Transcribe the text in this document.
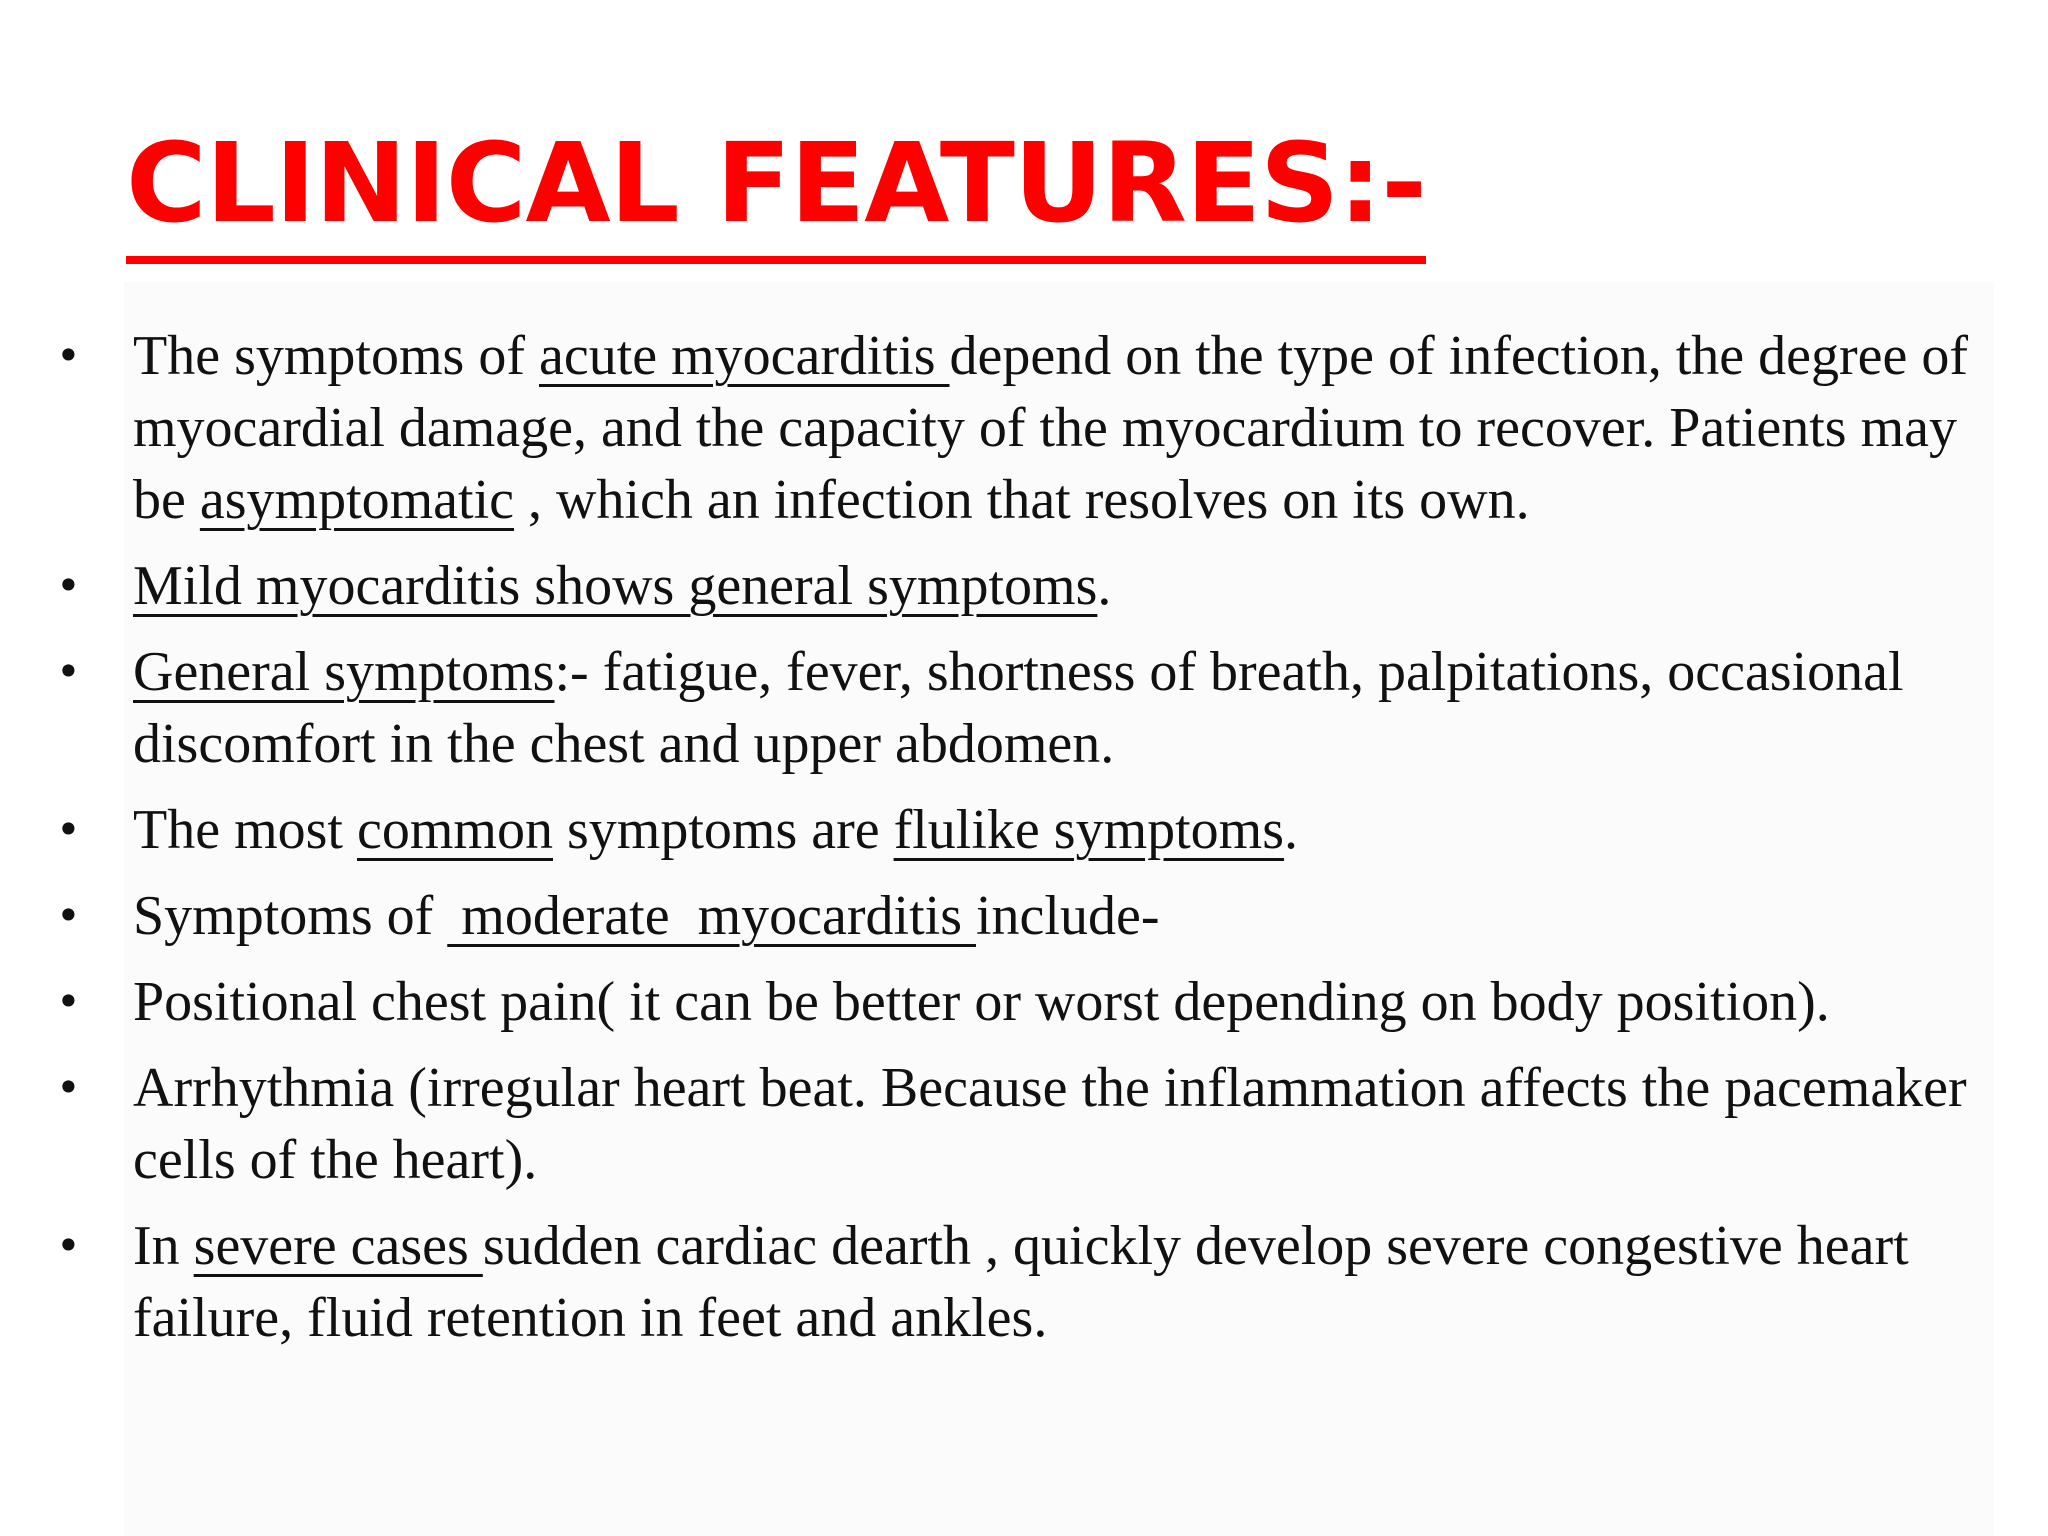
CLINICAL FEATURES:-
• The symptoms of acute myocarditis depend on the type of infection, the degree of myocardial damage, and the capacity of the myocardium to recover. Patients may be asymptomatic , which an infection that resolves on its own.
• Mild myocarditis shows general symptoms.
• General symptoms:- fatigue, fever, shortness of breath, palpitations, occasional discomfort in the chest and upper abdomen.
• The most common symptoms are flulike symptoms.
• Symptoms of  moderate  myocarditis include-
• Positional chest pain( it can be better or worst depending on body position).
• Arrhythmia (irregular heart beat. Because the inflammation affects the pacemaker cells of the heart).
• In severe cases sudden cardiac dearth , quickly develop severe congestive heart failure, fluid retention in feet and ankles.
